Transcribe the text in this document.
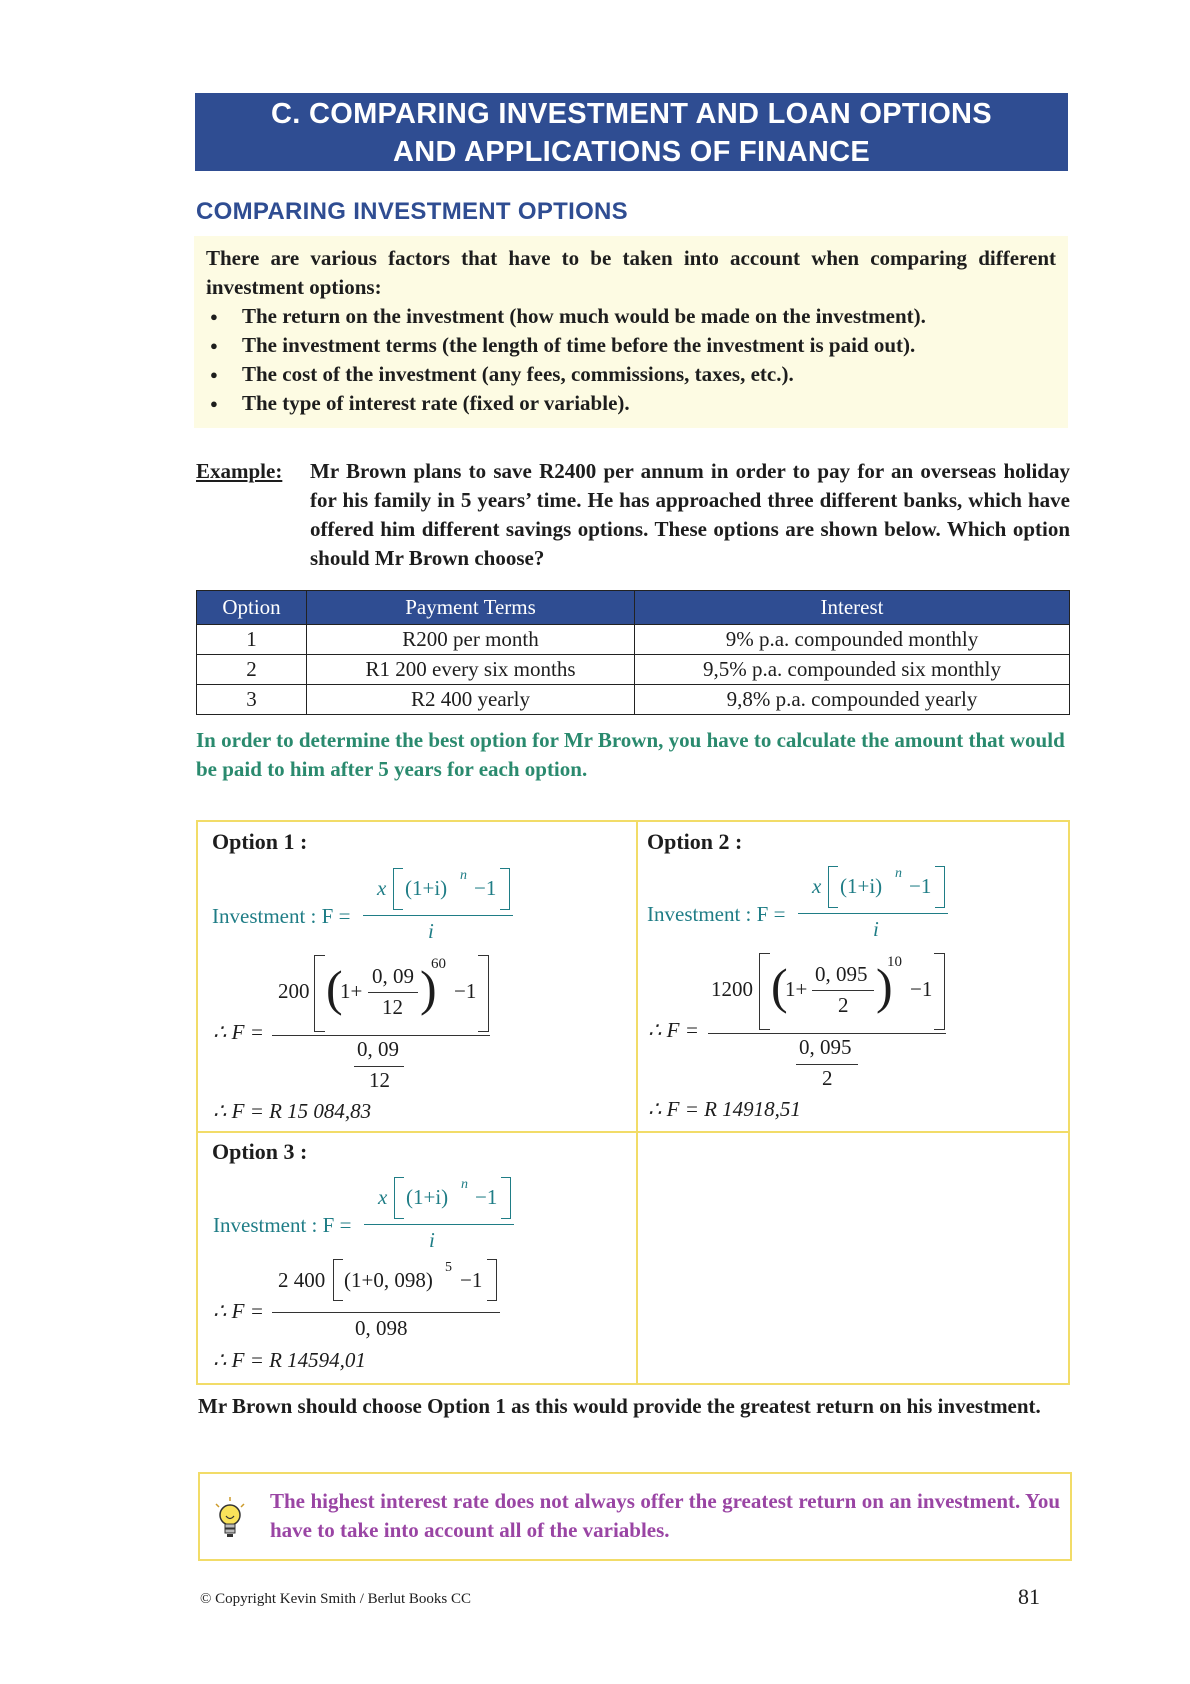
C. COMPARING INVESTMENT AND LOAN OPTIONS
AND APPLICATIONS OF FINANCE
COMPARING INVESTMENT OPTIONS
There are various factors that have to be taken into account when comparing different investment options:
● The return on the investment (how much would be made on the investment).
● The investment terms (the length of time before the investment is paid out).
● The cost of the investment (any fees, commissions, taxes, etc.).
● The type of interest rate (fixed or variable).
Example: Mr Brown plans to save R2400 per annum in order to pay for an overseas holiday for his family in 5 years’ time. He has approached three different banks, which have offered him different savings options. These options are shown below. Which option should Mr Brown choose?
Option	Payment Terms	Interest
1	R200 per month	9% p.a. compounded monthly
2	R1 200 every six months	9,5% p.a. compounded six monthly
3	R2 400 yearly	9,8% p.a. compounded yearly
In order to determine the best option for Mr Brown, you have to calculate the amount that would be paid to him after 5 years for each option.
Option 1 :
Investment : F =
x (1+i)
n
−1
i
200 (
1+
0, 09
12 )
60
−1
∴ F =
0, 09
12
∴ F = R 15 084,83
Option 2 :
Investment : F =
x (1+i)
n
−1
i
1200 (
1+
0, 095
2 )
10
−1
∴ F =
0, 095
2
∴ F = R 14918,51
Option 3 :
Investment : F =
x (1+i)
n
−1
i
2 400 (1+0, 098)
5
−1
∴ F =
0, 098
∴ F = R 14594,01
Mr Brown should choose Option 1 as this would provide the greatest return on his investment.
The highest interest rate does not always offer the greatest return on an investment. You have to take into account all of the variables.
© Copyright Kevin Smith / Berlut Books CC	81
